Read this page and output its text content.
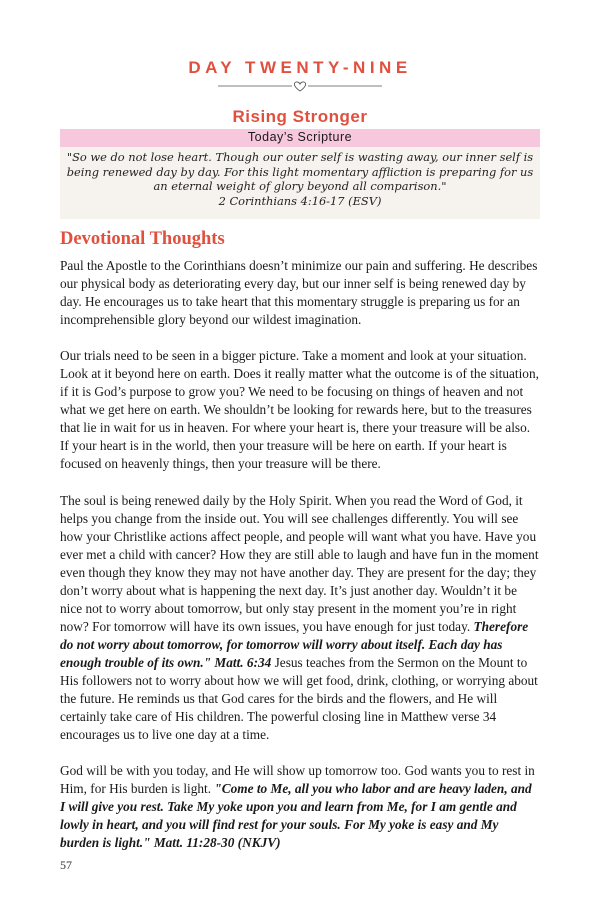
DAY TWENTY-NINE
Rising Stronger
Today’s Scripture
"So we do not lose heart. Though our outer self is wasting away, our inner self is being renewed day by day. For this light momentary affliction is preparing for us an eternal weight of glory beyond all comparison."
2 Corinthians 4:16-17 (ESV)
Devotional Thoughts

Paul the Apostle to the Corinthians doesn’t minimize our pain and suffering. He describes our physical body as deteriorating every day, but our inner self is being renewed day by day. He encourages us to take heart that this momentary struggle is preparing us for an incomprehensible glory beyond our wildest imagination.

Our trials need to be seen in a bigger picture. Take a moment and look at your situation. Look at it beyond here on earth. Does it really matter what the outcome is of the situation, if it is God’s purpose to grow you? We need to be focusing on things of heaven and not what we get here on earth. We shouldn’t be looking for rewards here, but to the treasures that lie in wait for us in heaven. For where your heart is, there your treasure will be also. If your heart is in the world, then your treasure will be here on earth. If your heart is focused on heavenly things, then your treasure will be there.

The soul is being renewed daily by the Holy Spirit. When you read the Word of God, it helps you change from the inside out. You will see challenges differently. You will see how your Christlike actions affect people, and people will want what you have. Have you ever met a child with cancer? How they are still able to laugh and have fun in the moment even though they know they may not have another day. They are present for the day; they don’t worry about what is happening the next day. It’s just another day. Wouldn’t it be nice not to worry about tomorrow, but only stay present in the moment you’re in right now? For tomorrow will have its own issues, you have enough for just today. Therefore do not worry about tomorrow, for tomorrow will worry about itself. Each day has enough trouble of its own." Matt. 6:34 Jesus teaches from the Sermon on the Mount to His followers not to worry about how we will get food, drink, clothing, or worrying about the future. He reminds us that God cares for the birds and the flowers, and He will certainly take care of His children. The powerful closing line in Matthew verse 34 encourages us to live one day at a time.

God will be with you today, and He will show up tomorrow too. God wants you to rest in Him, for His burden is light. "Come to Me, all you who labor and are heavy laden, and I will give you rest. Take My yoke upon you and learn from Me, for I am gentle and lowly in heart, and you will find rest for your souls. For My yoke is easy and My burden is light." Matt. 11:28-30 (NKJV)

57
